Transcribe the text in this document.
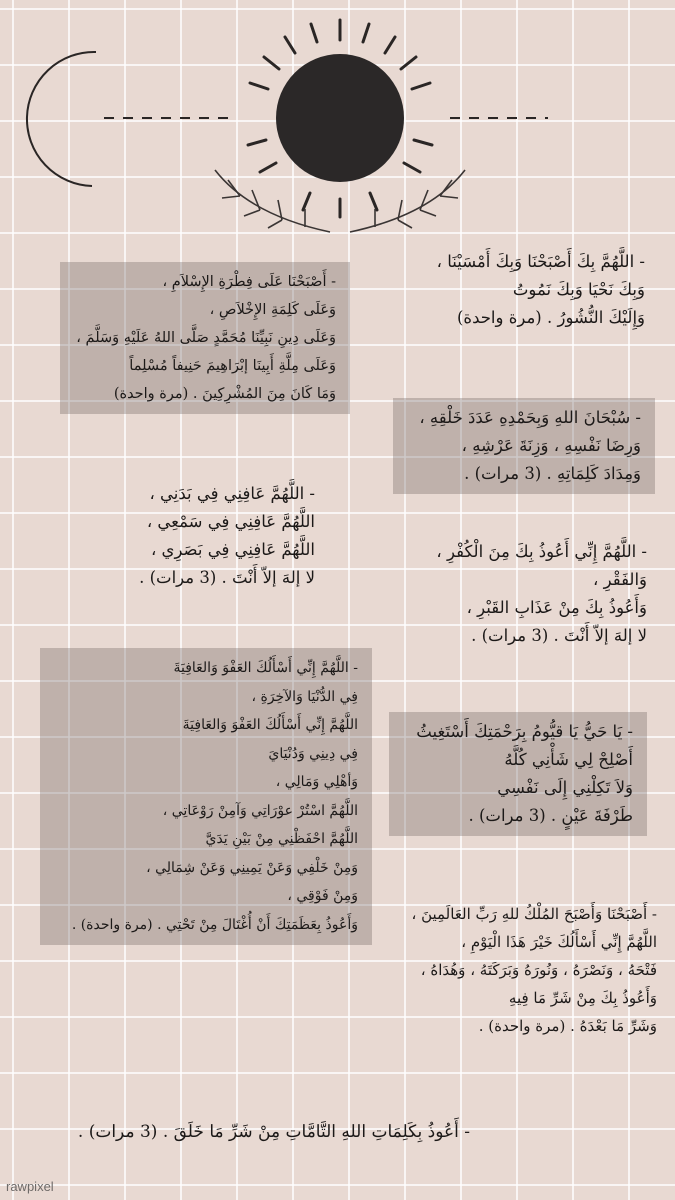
- اللَّهُمَّ بِكَ أَصْبَحْنَا وَبِكَ أَمْسَيْنَا ،
وَبِكَ نَحْيَا وَبِكَ نَمُوتُ
وَإِلَيْكَ النُّشُورُ . (مرة واحدة)
- سُبْحَانَ اللهِ وَبِحَمْدِهِ عَدَدَ خَلْقِهِ ،
وَرِضَا نَفْسِهِ ، وَزِنَةَ عَرْشِهِ ،
وَمِدَادَ كَلِمَاتِهِ . (3 مرات) .
- اللَّهُمَّ إِنِّي أَعُوذُ بِكَ مِنَ الْكُفْرِ ،
وَالفَقْرِ ،
وَأَعُوذُ بِكَ مِنْ عَذَابِ القَبْرِ ،
لا إلهَ إلاّ أَنْتَ . (3 مرات) .
- يَا حَيُّ يَا قيُّومُ بِرَحْمَتِكَ أَسْتَغِيثُ
أَصْلِحْ لِي شَأْنِي كُلَّهُ
وَلاَ تَكِلْنِي إِلَى نَفْسِي
طَرْفَةَ عَيْنٍ . (3 مرات) .
- أَصْبَحْنَا وَأَصْبَحَ المُلْكُ للهِ رَبِّ العَالَمِينَ ،
اللَّهُمَّ إِنِّي أَسْأَلُكَ خَيْرَ هَذَا الْيَوْمِ ،
فَتْحَهُ ، وَنَصْرَهُ ، وَنُورَهُ وَبَرَكَتَهُ ، وَهُدَاهُ ،
وَأَعُوذُ بِكَ مِنْ شَرِّ مَا فِيهِ
وَشَرِّ مَا بَعْدَهُ . (مرة واحدة) .
- أَصْبَحْنَا عَلَى فِطْرَةِ الإِسْلاَمِ ،
وَعَلَى كَلِمَةِ الإِخْلاَصِ ،
وَعَلَى دِينِ نَبِيِّنَا مُحَمَّدٍ صَلَّى اللهُ عَلَيْهِ وَسَلَّمَ ،
وَعَلَى مِلَّةِ أَبِينَا إبْرَاهِيمَ حَنِيفاً مُسْلِماً
وَمَا كَانَ مِنَ المُشْرِكِينَ . (مرة واحدة)
- اللَّهُمَّ عَافِنِي فِي بَدَنِي ،
اللَّهُمَّ عَافِنِي فِي سَمْعِي ،
اللَّهُمَّ عَافِنِي فِي بَصَرِي ،
لا إلهَ إلاّ أَنْتَ . (3 مرات) .
- اللَّهُمَّ إِنِّي أَسْأَلُكَ العَفْوَ وَالعَافِيَةَ
فِي الدُّنْيَا وَالآخِرَةِ ،
اللَّهُمَّ إِنِّي أَسْأَلُكَ العَفْوَ وَالعَافِيَةَ
فِي دِينِي وَدُنْيَايَ
وَأهْلِي وَمَالِي ،
اللَّهُمَّ اسْتُرْ عوْرَاتِي وَآمِنْ رَوْعَاتِي ،
اللَّهُمَّ احْفَظْنِي مِنْ بَيْنِ يَدَيَّ
وَمِنْ خَلْفِي وَعَنْ يَمِينِي وَعَنْ شِمَالِي ،
وَمِنْ فَوْقِي ،
وَأَعُوذُ بِعَظَمَتِكَ أَنْ أُغْتَالَ مِنْ تَحْتِي . (مرة واحدة) .
- أَعُوذُ بِكَلِمَاتِ اللهِ التَّامَّاتِ مِنْ شَرِّ مَا خَلَقَ . (3 مرات) .
rawpixel
